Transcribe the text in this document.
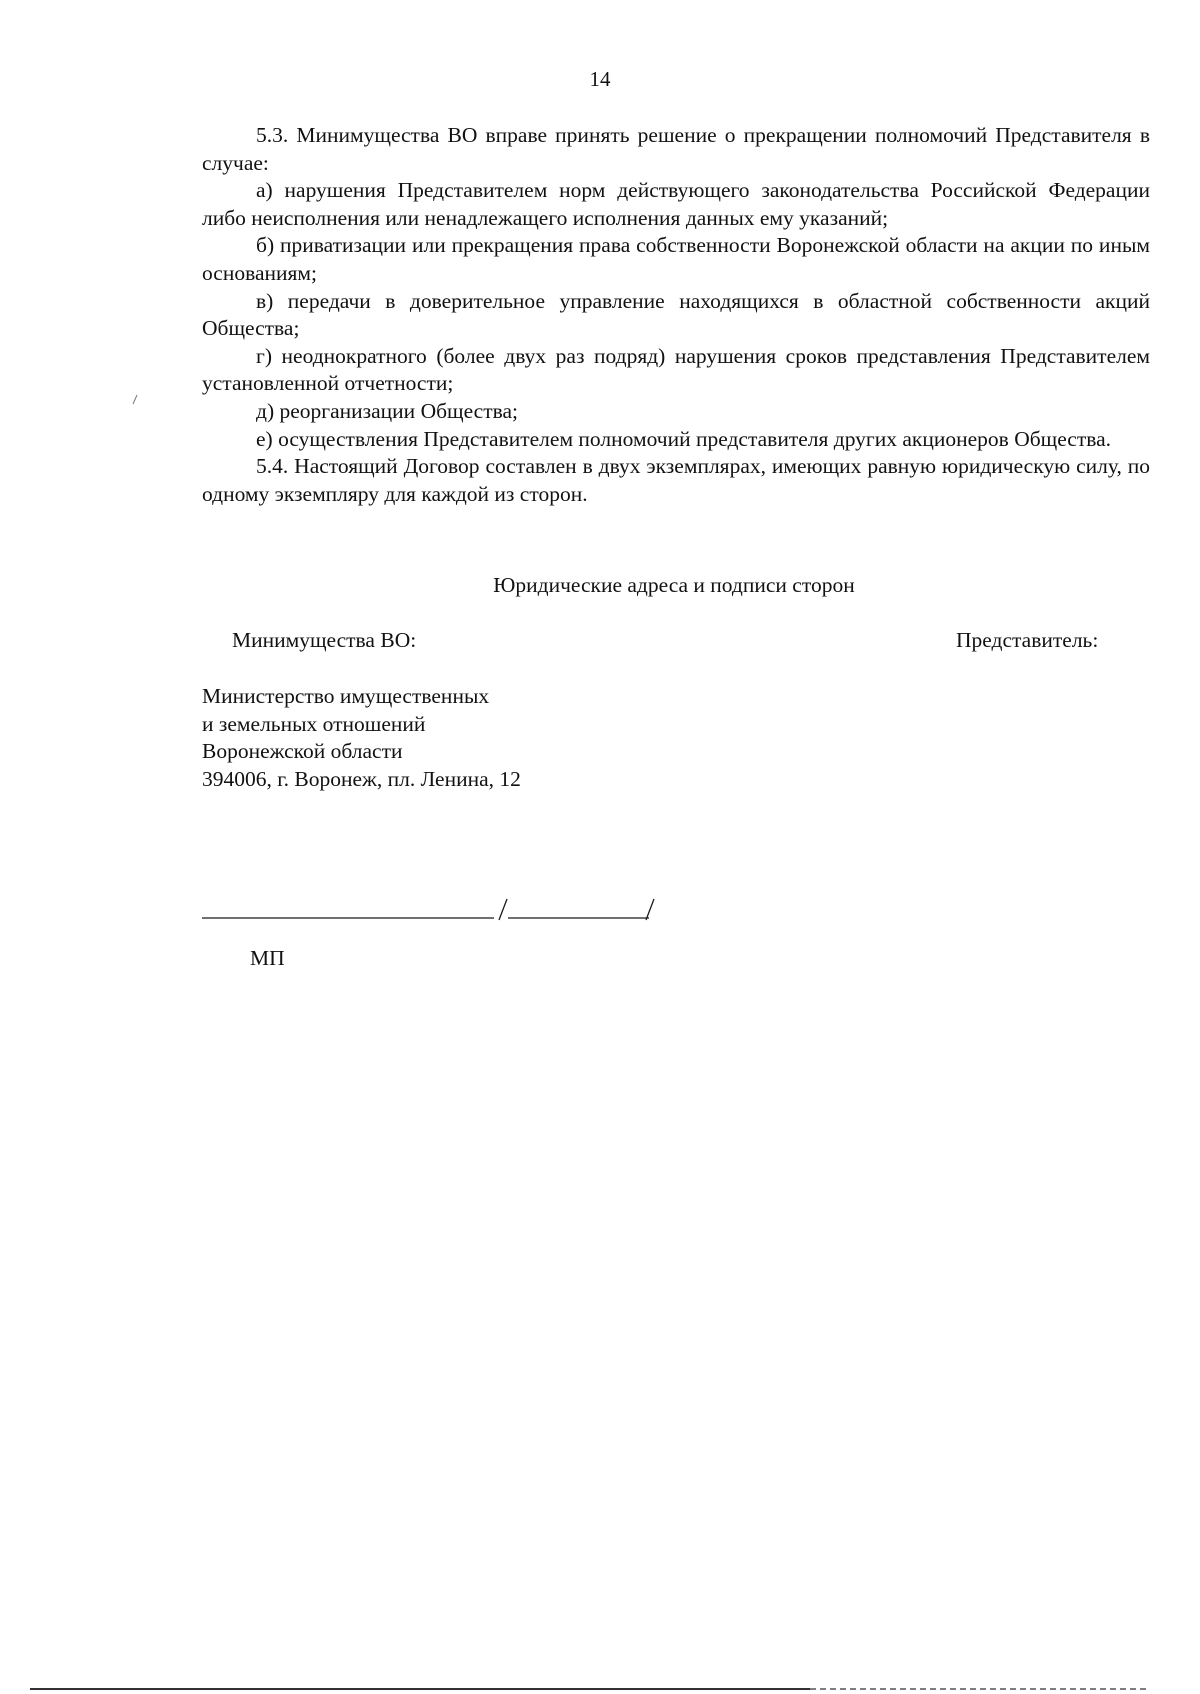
14

5.3. Минимущества ВО вправе принять решение о прекращении полномочий Представителя в случае:

а) нарушения Представителем норм действующего законодательства Российской Федерации либо неисполнения или ненадлежащего исполнения данных ему указаний;

б) приватизации или прекращения права собственности Воронежской области на акции по иным основаниям;

в) передачи в доверительное управление находящихся в областной собственности акций Общества;

г) неоднократного (более двух раз подряд) нарушения сроков представления Представителем установленной отчетности;

д) реорганизации Общества;

е) осуществления Представителем полномочий представителя других акционеров Общества.

5.4. Настоящий Договор составлен в двух экземплярах, имеющих равную юридическую силу, по одному экземпляру для каждой из сторон.

Юридические адреса и подписи сторон
Минимущества ВО:	Представитель:
Министерство имущественных
и земельных отношений
Воронежской области
394006, г. Воронеж, пл. Ленина, 12
МП
